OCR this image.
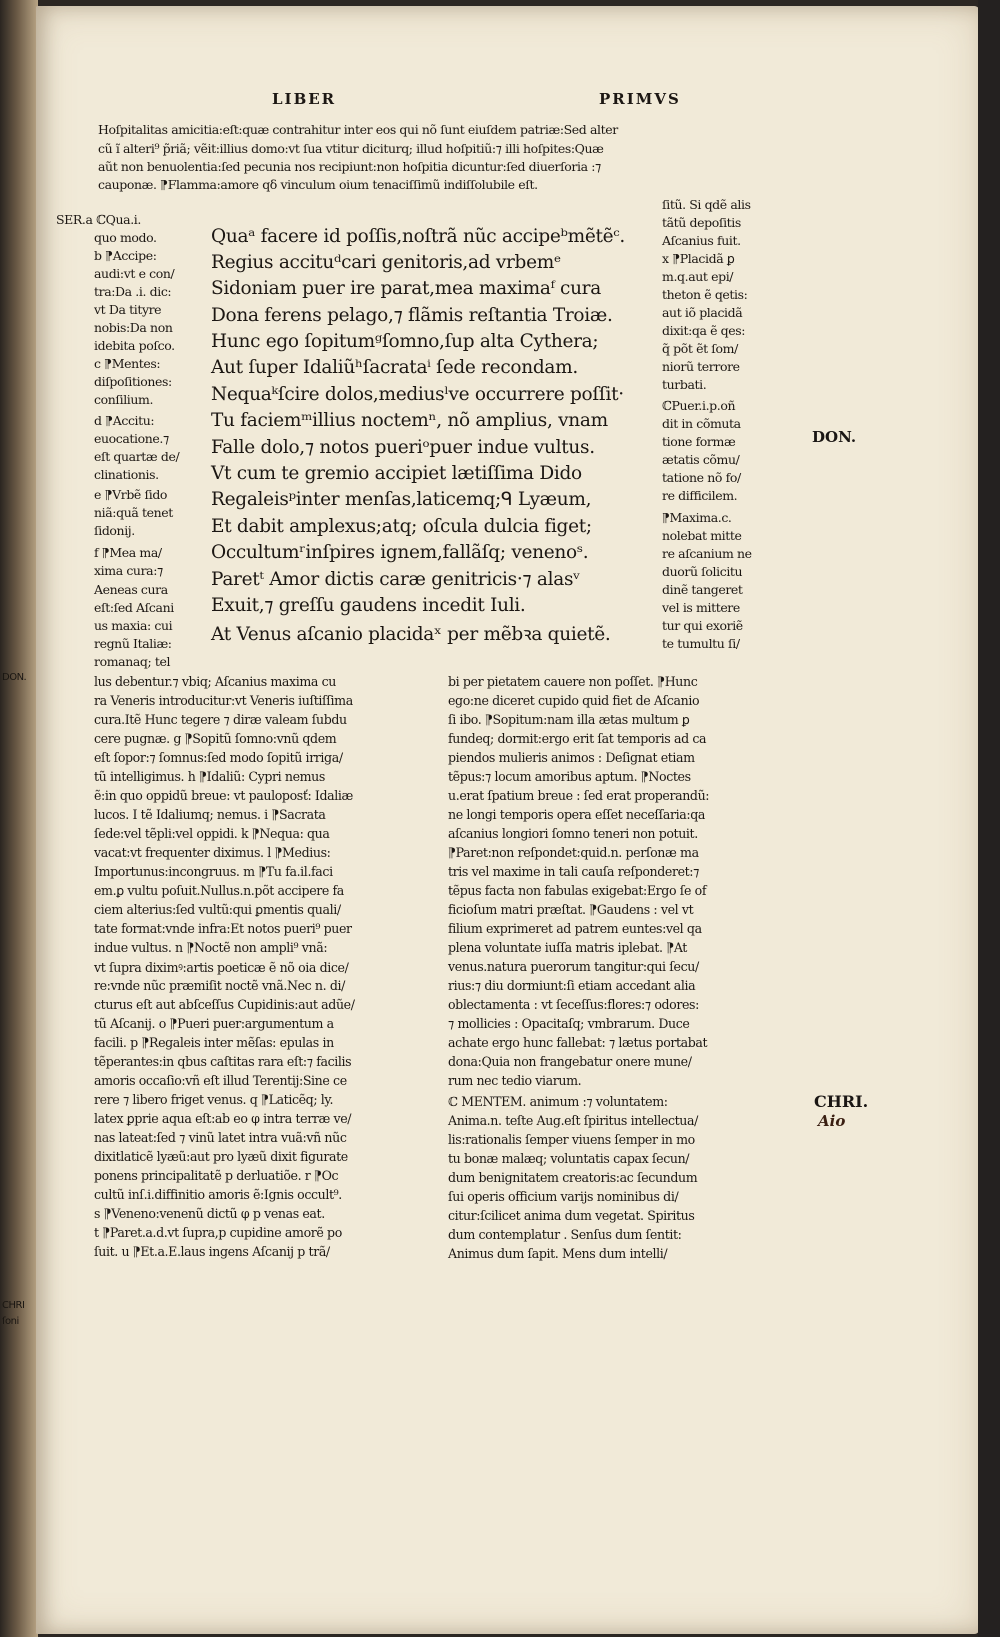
DON.
CHRI
ſoni
LIBER	PRIMVS
Hoſpitalitas amicitia:eſt:quæ contrahitur inter eos qui nõ ſunt eiuſdem patriæ:Sed alter
cũ ĩ alteri⁹ p̃riã; vẽit:illius domo:vt ſua vtitur diciturq; illud hoſpitiũ:⁊ illi hoſpites:Quæ
aũt non benuolentia:ſed pecunia nos recipiunt:non hoſpitia dicuntur:ſed diuerſoria :⁊
cauponæ. ⁋Flamma:amore qδ vinculum oium tenaciſſimũ indiſſolubile eſt.
SER.a ℂQua.i.
quo modo.
b ⁋Accipe:
audi:vt e con/
tra:Da .i. dic:
vt Da tityre
nobis:Da non
idebita poſco.
c ⁋Mentes:
diſpoſitiones:
conſilium.
d ⁋Accitu:
euocatione.⁊
eſt quartæ de/
clinationis.
e ⁋Vrbẽ ſido
niã:quã tenet
ſidonij.
f ⁋Mea ma/
xima cura:⁊
Aeneas cura
eſt:ſed Aſcani
us maxia: cui
regnũ Italiæ:
romanaq; tel
Quaᵃ facere id poſſis,noſtrã nũc accipeᵇmẽtẽᶜ.
Regius accituᵈcari genitoris,ad vrbemᵉ
Sidoniam puer ire parat,mea maximaᶠ cura
Dona ferens pelago,⁊ flãmis reſtantia Troiæ.
Hunc ego ſopitumᵍſomno,ſup alta Cythera;
Aut ſuper Idaliũʰſacrataⁱ ſede recondam.
Nequaᵏſcire dolos,mediusˡve occurrere poſſit·
Tu faciemᵐillius noctemⁿ, nõ amplius, vnam
Falle dolo,⁊ notos pueriᵒpuer indue vultus.
Vt cum te gremio accipiet lætiſſima Dido
Regaleisᵖinter menſas,laticemq;ᑫ Lyæum,
Et dabit amplexus;atq; oſcula dulcia figet;
Occultumʳinſpires ignem,fallãſq; venenoˢ.
Paretᵗ Amor dictis caræ genitricis·⁊ alasᵛ
Exuit,⁊ greſſu gaudens incedit Iuli.
At Venus aſcanio placidaˣ per mẽbꝛa quietẽ.
ſitũ. Si qdẽ alis
tãtũ depoſitis
Aſcanius fuit.
x ⁋Placidã ꝑ
m.q.aut epi/
theton ẽ qetis:
aut iõ placidã
dixit:qa ẽ qes:
q̃ põt ẽt ſom/
niorũ terrore
turbati.
ℂPuer.i.p.oñ
dit in cõmuta
tione formæ
ætatis cõmu/
tatione nõ fo/
re difficilem.
⁋Maxima.c.
nolebat mitte
re aſcanium ne
duorũ ſolicitu
dinẽ tangeret
vel is mittere
tur qui exoriẽ
te tumultu ſi/
lus debentur.⁊ vbiq; Aſcanius maxima cu
ra Veneris introducitur:vt Veneris iuſtiſſima
cura.Itẽ Hunc tegere ⁊ diræ valeam ſubdu
cere pugnæ. g ⁋Sopitũ ſomno:vnũ qdem
eſt ſopor:⁊ ſomnus:ſed modo ſopitũ irriga/
tũ intelligimus. h ⁋Idaliũ: Cypri nemus
ẽ:in quo oppidũ breue: vt pauloposť: Idaliæ
lucos. I tẽ Idaliumq; nemus. i ⁋Sacrata
ſede:vel tẽpli:vel oppidi. k ⁋Nequa: qua
vacat:vt frequenter diximus. l ⁋Medius:
Importunus:incongruus. m ⁋Tu fa.il.faci
em.ꝑ vultu poſuit.Nullus.n.põt accipere fa
ciem alterius:ſed vultũ:qui ꝑmentis quali/
tate format:vnde infra:Et notos pueri⁹ puer
indue vultus. n ⁋Noctẽ non ampli⁹ vnã:
vt ſupra diximꝰ:artis poeticæ ẽ nõ oia dice/
re:vnde nũc præmiſit noctẽ vnã.Nec n. di/
cturus eſt aut abſceſſus Cupidinis:aut adũe/
tũ Aſcanij. o ⁋Pueri puer:argumentum a
facili. p ⁋Regaleis inter mẽſas: epulas in
tẽperantes:in qbus caſtitas rara eſt:⁊ facilis
amoris occaſio:vñ eſt illud Terentij:Sine ce
rere ⁊ libero friget venus. q ⁋Laticẽq; ly.
latex ꝑprie aqua eſt:ab eo φ intra terræ ve/
nas lateat:ſed ⁊ vinũ latet intra vuã:vñ nũc
dixitlaticẽ lyæũ:aut pro lyæũ dixit figurate
ponens principalitatẽ p derluatiõe. r ⁋Oc
cultũ inſ.i.diffinitio amoris ẽ:Ignis occult⁹.
s ⁋Veneno:venenũ dictũ φ p venas eat.
t ⁋Paret.a.d.vt ſupra,p cupidine amorẽ po
ſuit. u ⁋Et.a.E.laus ingens Aſcanij p trã/
bi per pietatem cauere non poſſet. ⁋Hunc
ego:ne diceret cupido quid fiet de Aſcanio
ſi ibo. ⁋Sopitum:nam illa ætas multum ꝑ
fundeq; dormit:ergo erit ſat temporis ad ca
piendos mulieris animos : Deſignat etiam
tẽpus:⁊ locum amoribus aptum. ⁋Noctes
u.erat ſpatium breue : ſed erat properandũ:
ne longi temporis opera eſſet neceſſaria:qa
aſcanius longiori ſomno teneri non potuit.
⁋Paret:non reſpondet:quid.n. perſonæ ma
tris vel maxime in tali cauſa reſponderet:⁊
tẽpus facta non fabulas exigebat:Ergo ſe of
ficioſum matri præſtat. ⁋Gaudens : vel vt
filium exprimeret ad patrem euntes:vel qa
plena voluntate iuſſa matris iplebat. ⁋At
venus.natura puerorum tangitur:qui ſecu/
rius:⁊ diu dormiunt:ſi etiam accedant alia
oblectamenta : vt ſeceſſus:flores:⁊ odores:
⁊ mollicies : Opacitaſq; vmbrarum. Duce
achate ergo hunc fallebat: ⁊ lætus portabat
dona:Quia non frangebatur onere mune/
rum nec tedio viarum.
ℂ MENTEM. animum :⁊ voluntatem:
Anima.n. teſte Aug.eſt ſpiritus intellectua/
lis:rationalis ſemper viuens ſemper in mo
tu bonæ malæq; voluntatis capax ſecun/
dum benignitatem creatoris:ac ſecundum
ſui operis officium varijs nominibus di/
citur:ſcilicet anima dum vegetat. Spiritus
dum contemplatur . Senſus dum ſentit:
Animus dum ſapit. Mens dum intelli/
DON.
CHRI.
Aio
